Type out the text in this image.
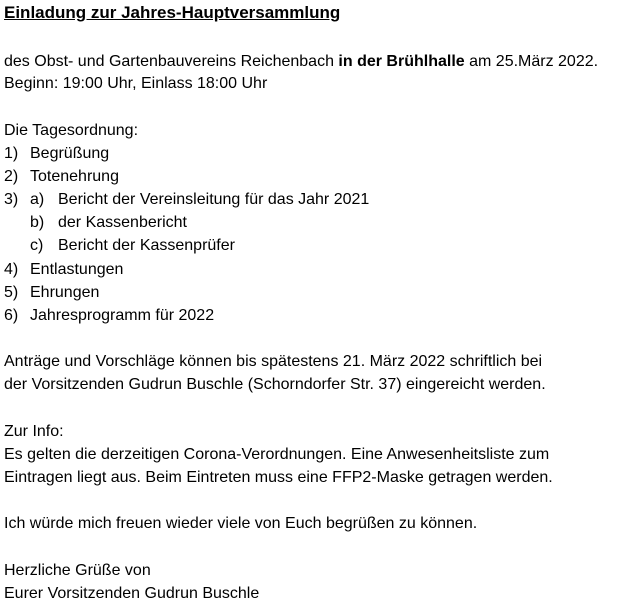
Einladung zur Jahres-Hauptversammlung
des Obst- und Gartenbauvereins Reichenbach in der Brühlhalle am 25.März 2022.
Beginn: 19:00 Uhr, Einlass 18:00 Uhr
Die Tagesordnung:
1) Begrüßung
2) Totenehrung
3) a) Bericht der Vereinsleitung für das Jahr 2021
b) der Kassenbericht
c) Bericht der Kassenprüfer
4) Entlastungen
5) Ehrungen
6) Jahresprogramm für 2022
Anträge und Vorschläge können bis spätestens 21. März 2022 schriftlich bei
der Vorsitzenden Gudrun Buschle (Schorndorfer Str. 37) eingereicht werden.
Zur Info:
Es gelten die derzeitigen Corona-Verordnungen. Eine Anwesenheitsliste zum
Eintragen liegt aus. Beim Eintreten muss eine FFP2-Maske getragen werden.
Ich würde mich freuen wieder viele von Euch begrüßen zu können.
Herzliche Grüße von
Eurer Vorsitzenden Gudrun Buschle
